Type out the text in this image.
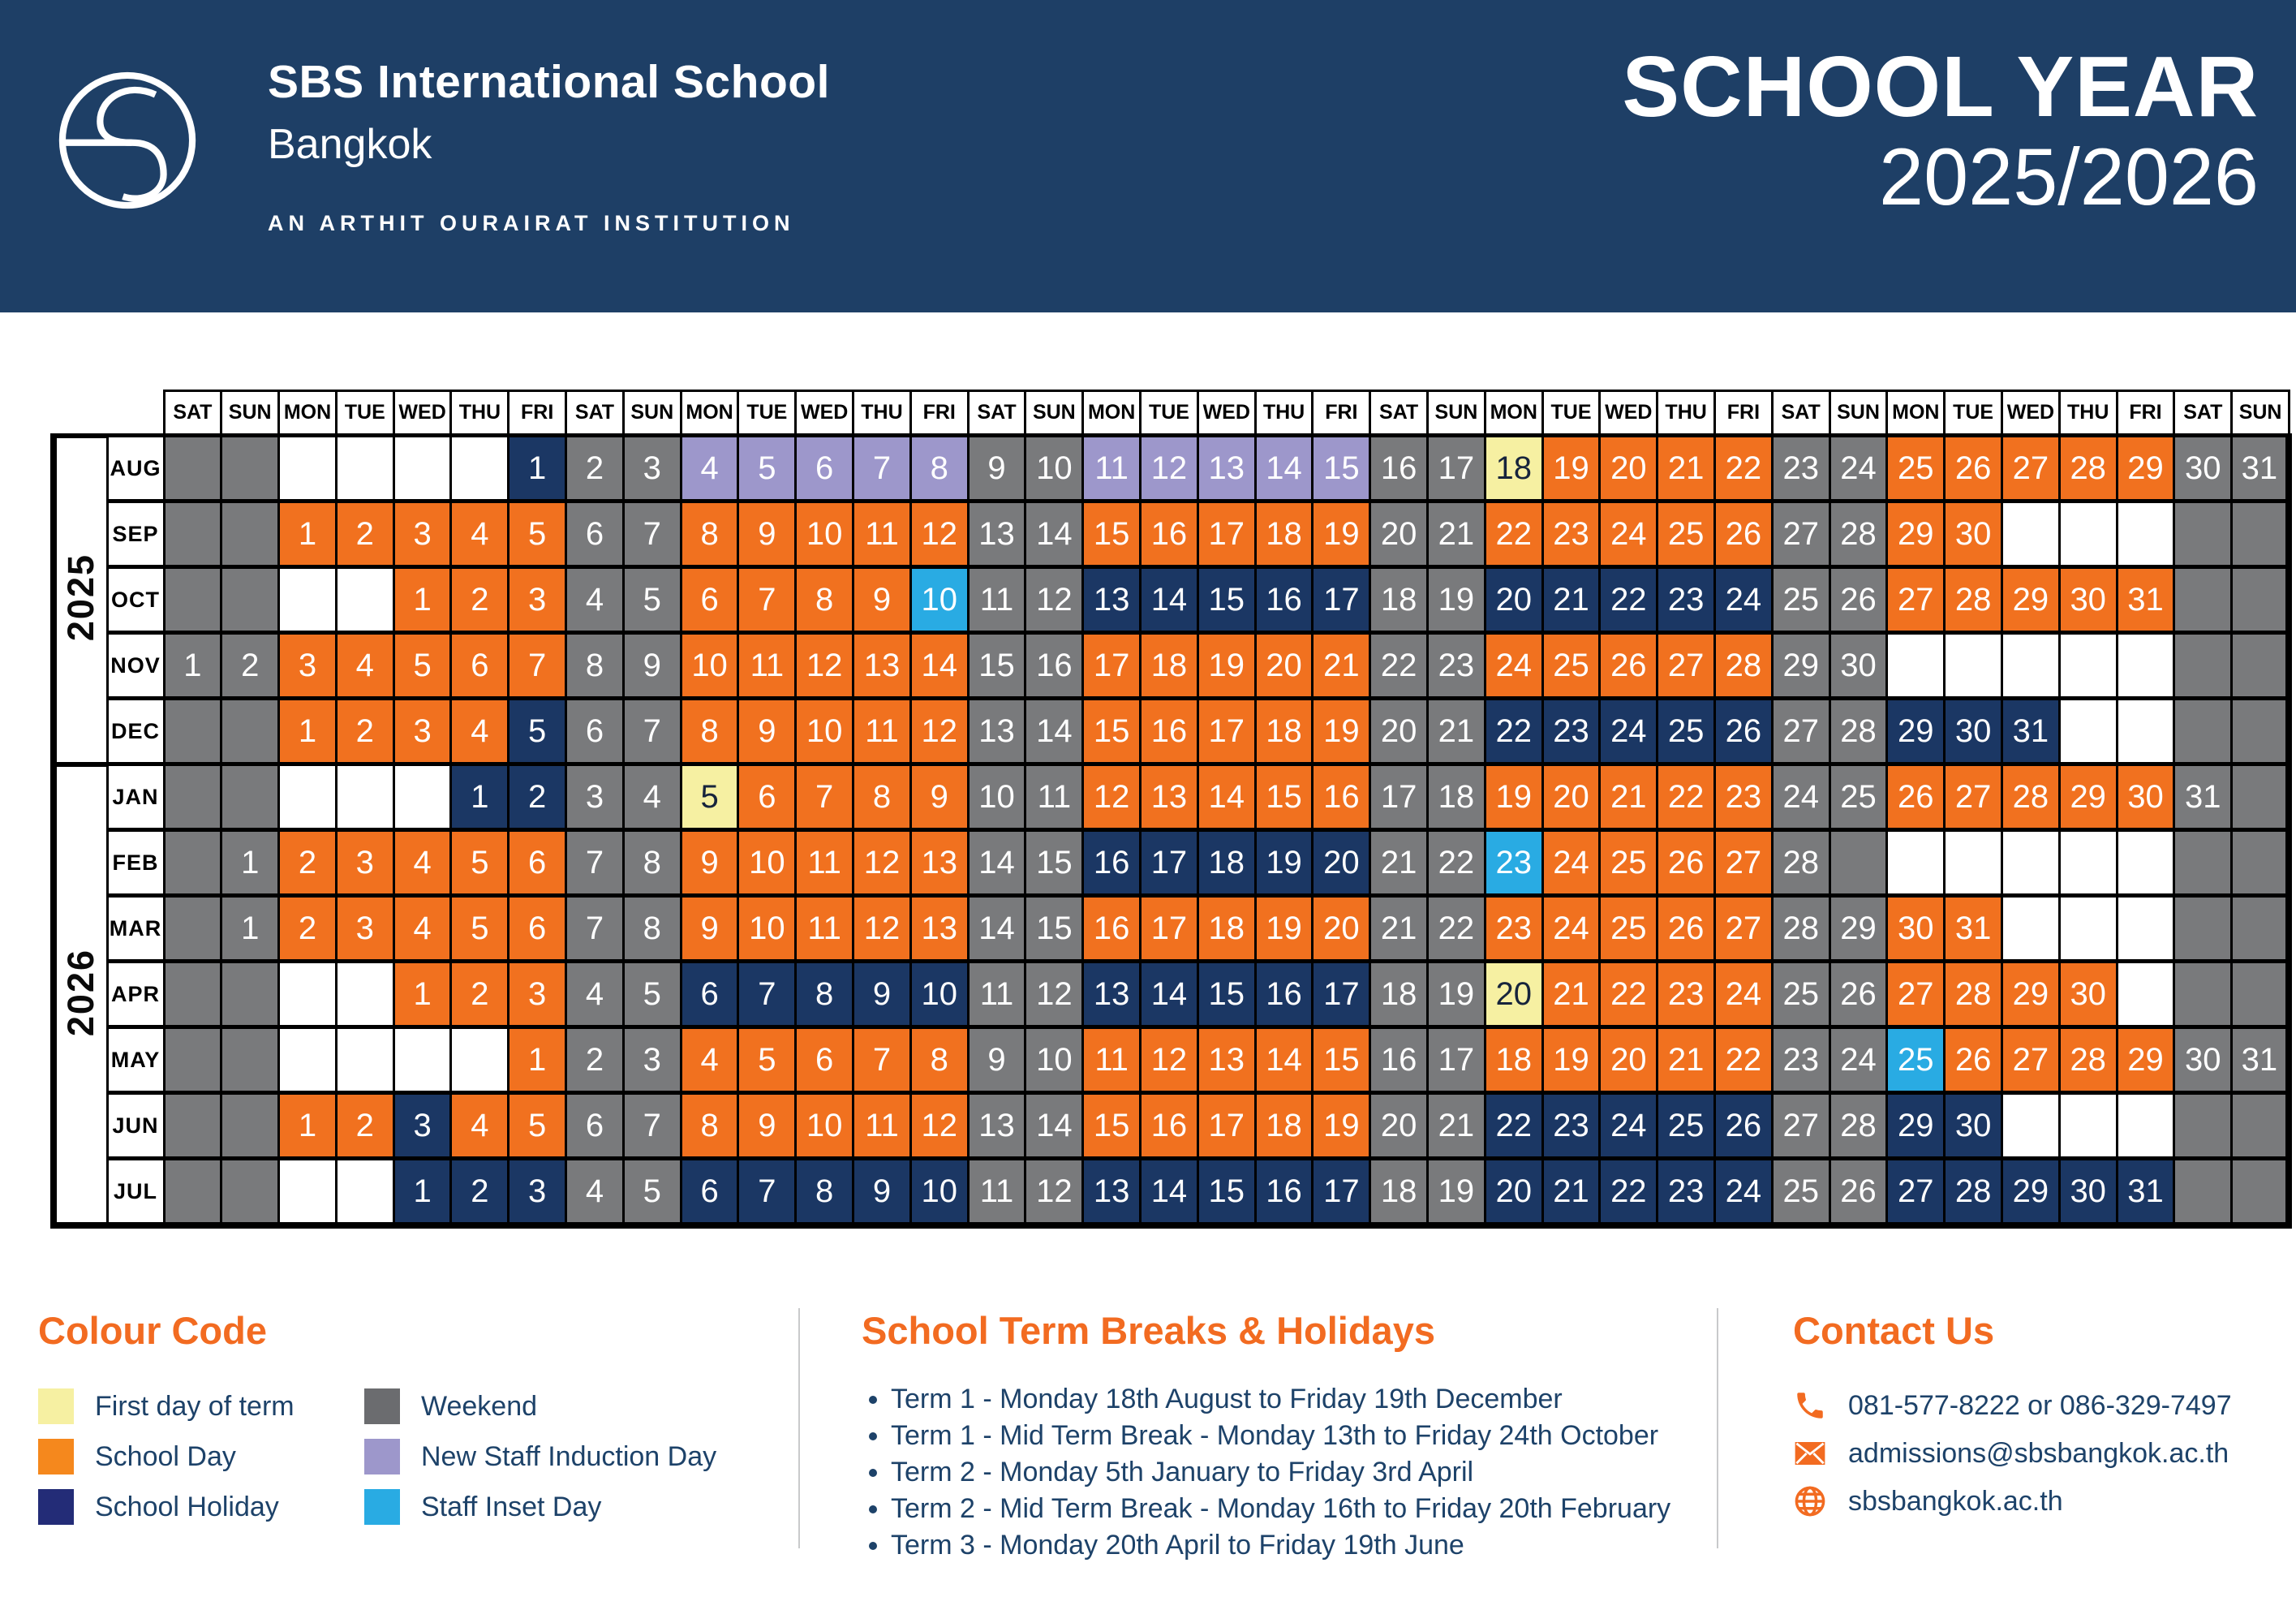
SBS International School
Bangkok
AN ARTHIT OURAIRAT INSTITUTION
SCHOOL YEAR
2025/2026
		SAT	SUN	MON	TUE	WED	THU	FRI	SAT	SUN	MON	TUE	WED	THU	FRI	SAT	SUN	MON	TUE	WED	THU	FRI	SAT	SUN	MON	TUE	WED	THU	FRI	SAT	SUN	MON	TUE	WED	THU	FRI	SAT	SUN
2025	AUG							1	2	3	4	5	6	7	8	9	10	11	12	13	14	15	16	17	18	19	20	21	22	23	24	25	26	27	28	29	30	31
	SEP			1	2	3	4	5	6	7	8	9	10	11	12	13	14	15	16	17	18	19	20	21	22	23	24	25	26	27	28	29	30					
	OCT					1	2	3	4	5	6	7	8	9	10	11	12	13	14	15	16	17	18	19	20	21	22	23	24	25	26	27	28	29	30	31		
	NOV	1	2	3	4	5	6	7	8	9	10	11	12	13	14	15	16	17	18	19	20	21	22	23	24	25	26	27	28	29	30							
	DEC			1	2	3	4	5	6	7	8	9	10	11	12	13	14	15	16	17	18	19	20	21	22	23	24	25	26	27	28	29	30	31				
2026	JAN						1	2	3	4	5	6	7	8	9	10	11	12	13	14	15	16	17	18	19	20	21	22	23	24	25	26	27	28	29	30	31	
	FEB		1	2	3	4	5	6	7	8	9	10	11	12	13	14	15	16	17	18	19	20	21	22	23	24	25	26	27	28								
	MAR		1	2	3	4	5	6	7	8	9	10	11	12	13	14	15	16	17	18	19	20	21	22	23	24	25	26	27	28	29	30	31					
	APR					1	2	3	4	5	6	7	8	9	10	11	12	13	14	15	16	17	18	19	20	21	22	23	24	25	26	27	28	29	30			
	MAY							1	2	3	4	5	6	7	8	9	10	11	12	13	14	15	16	17	18	19	20	21	22	23	24	25	26	27	28	29	30	31
	JUN			1	2	3	4	5	6	7	8	9	10	11	12	13	14	15	16	17	18	19	20	21	22	23	24	25	26	27	28	29	30					
	JUL					1	2	3	4	5	6	7	8	9	10	11	12	13	14	15	16	17	18	19	20	21	22	23	24	25	26	27	28	29	30	31		
Colour Code
First day of term
School Day
School Holiday
Weekend
New Staff Induction Day
Staff Inset Day
School Term Breaks & Holidays
• Term 1 - Monday 18th August to Friday 19th December
• Term 1 - Mid Term Break - Monday 13th to Friday 24th October
• Term 2 - Monday 5th January to Friday 3rd April
• Term 2 - Mid Term Break - Monday 16th to Friday 20th February
• Term 3 - Monday 20th April to Friday 19th June
Contact Us
081-577-8222 or 086-329-7497
admissions@sbsbangkok.ac.th
sbsbangkok.ac.th
